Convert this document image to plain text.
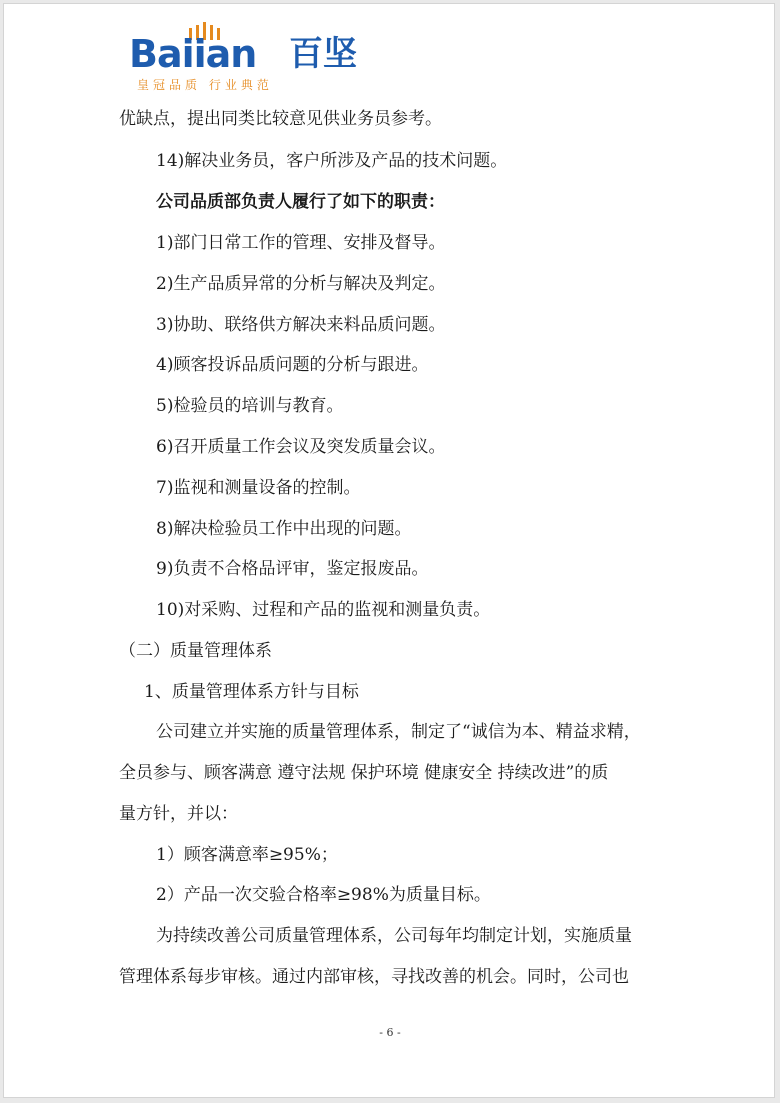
Baiian 百坚
皇冠品质 行业典范

优缺点，提出同类比较意见供业务员参考。

14)解决业务员，客户所涉及产品的技术问题。

公司品质部负责人履行了如下的职责：

1)部门日常工作的管理、安排及督导。

2)生产品质异常的分析与解决及判定。

3)协助、联络供方解决来料品质问题。

4)顾客投诉品质问题的分析与跟进。

5)检验员的培训与教育。

6)召开质量工作会议及突发质量会议。

7)监视和测量设备的控制。

8)解决检验员工作中出现的问题。

9)负责不合格品评审，鉴定报废品。

10)对采购、过程和产品的监视和测量负责。

（二）质量管理体系

1、质量管理体系方针与目标

公司建立并实施的质量管理体系，制定了“诚信为本、精益求精，

全员参与、顾客满意 遵守法规 保护环境 健康安全 持续改进”的质

量方针，并以：

1）顾客满意率≥95%；

2）产品一次交验合格率≥98%为质量目标。

为持续改善公司质量管理体系，公司每年均制定计划，实施质量

管理体系每步审核。通过内部审核，寻找改善的机会。同时，公司也

- 6 -
